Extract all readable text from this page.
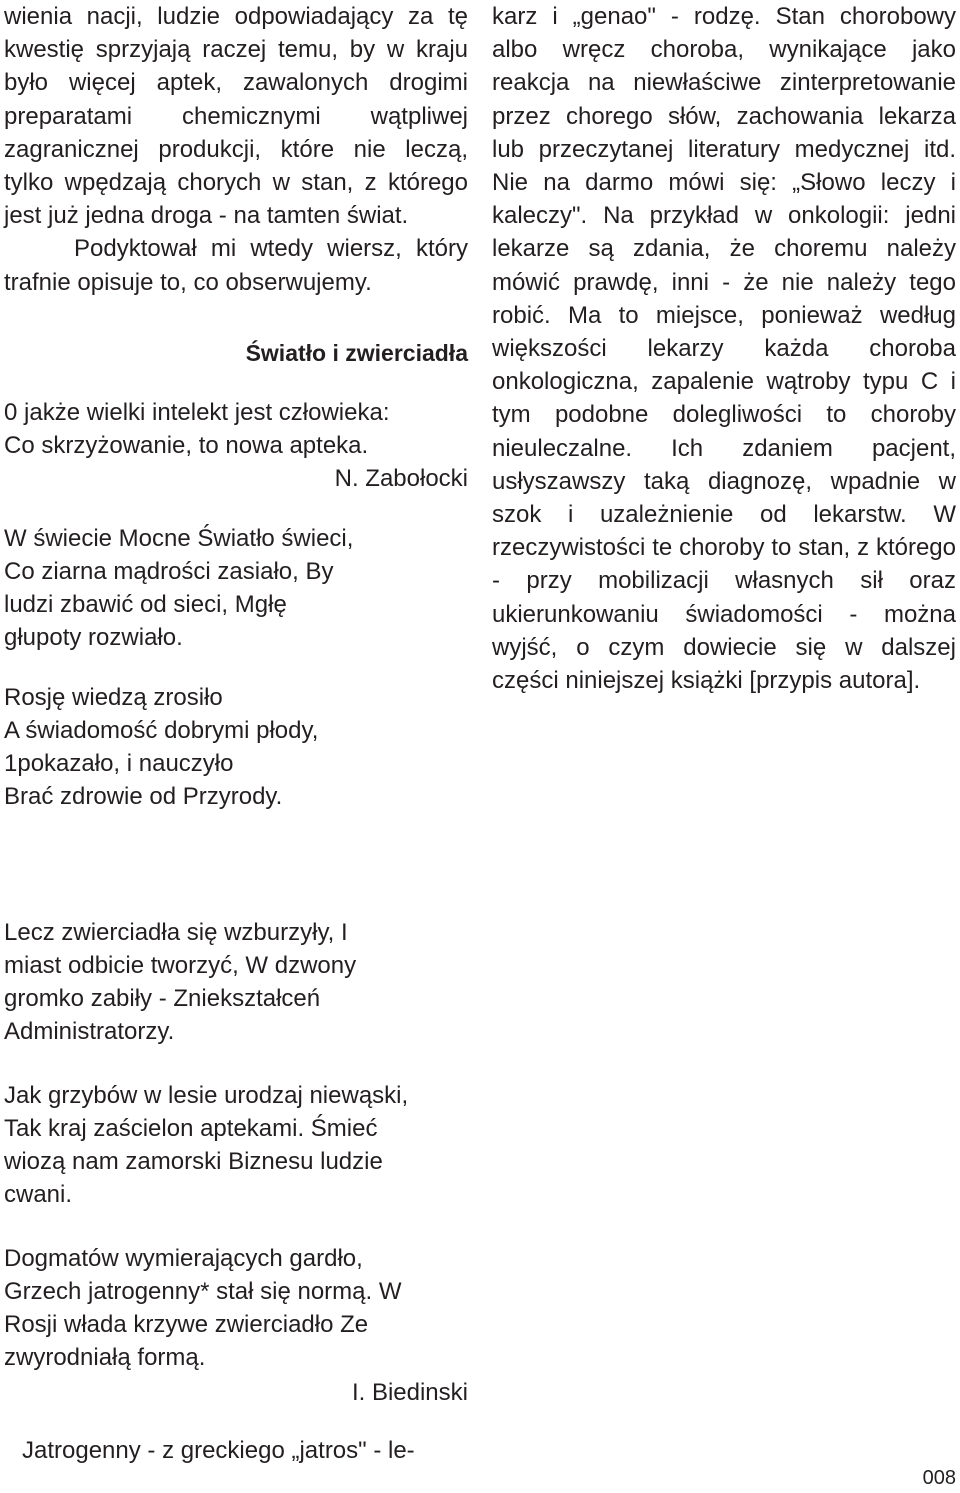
wienia nacji, ludzie odpowiadający za tę kwestię sprzyjają raczej temu, by w kraju było więcej aptek, zawalonych drogimi preparatami chemicznymi wątpliwej zagranicznej produkcji, które nie leczą, tylko wpędzają chorych w stan, z którego jest już jedna droga - na tamten świat.

Podyktował mi wtedy wiersz, który trafnie opisuje to, co obserwujemy.

Światło i zwierciadła
0 jakże wielki intelekt jest człowieka:
Co skrzyżowanie, to nowa apteka.
N. Zabołocki
W świecie Mocne Światło świeci,
Co ziarna mądrości zasiało, By
ludzi zbawić od sieci, Mgłę
głupoty rozwiało.
Rosję wiedzą zrosiło
A świadomość dobrymi płody,
1pokazało, i nauczyło
Brać zdrowie od Przyrody.
Lecz zwierciadła się wzburzyły, I
miast odbicie tworzyć, W dzwony
gromko zabiły - Zniekształceń
Administratorzy.
Jak grzybów w lesie urodzaj niewąski,
Tak kraj zaścielon aptekami. Śmieć
wiozą nam zamorski Biznesu ludzie
cwani.
Dogmatów wymierających gardło,
Grzech jatrogenny* stał się normą. W
Rosji włada krzywe zwierciadło Ze
zwyrodniałą formą.
I. Biedinski
Jatrogenny - z greckiego „jatros" - le-

karz i „genao" - rodzę. Stan chorobowy albo wręcz choroba, wynikające jako reakcja na niewłaściwe zinterpretowanie przez chorego słów, zachowania lekarza lub przeczytanej literatury medycznej itd. Nie na darmo mówi się: „Słowo leczy i kaleczy". Na przykład w onkologii: jedni lekarze są zdania, że choremu należy mówić prawdę, inni - że nie należy tego robić. Ma to miejsce, ponieważ według większości lekarzy każda choroba onkologiczna, zapalenie wątroby typu C i tym podobne dolegliwości to choroby nieuleczalne. Ich zdaniem pacjent, usłyszawszy taką diagnozę, wpadnie w szok i uzależnienie od lekarstw. W rzeczywistości te choroby to stan, z którego - przy mobilizacji własnych sił oraz ukierunkowaniu świadomości - można wyjść, o czym dowiecie się w dalszej części niniejszej książki [przypis autora].

008
